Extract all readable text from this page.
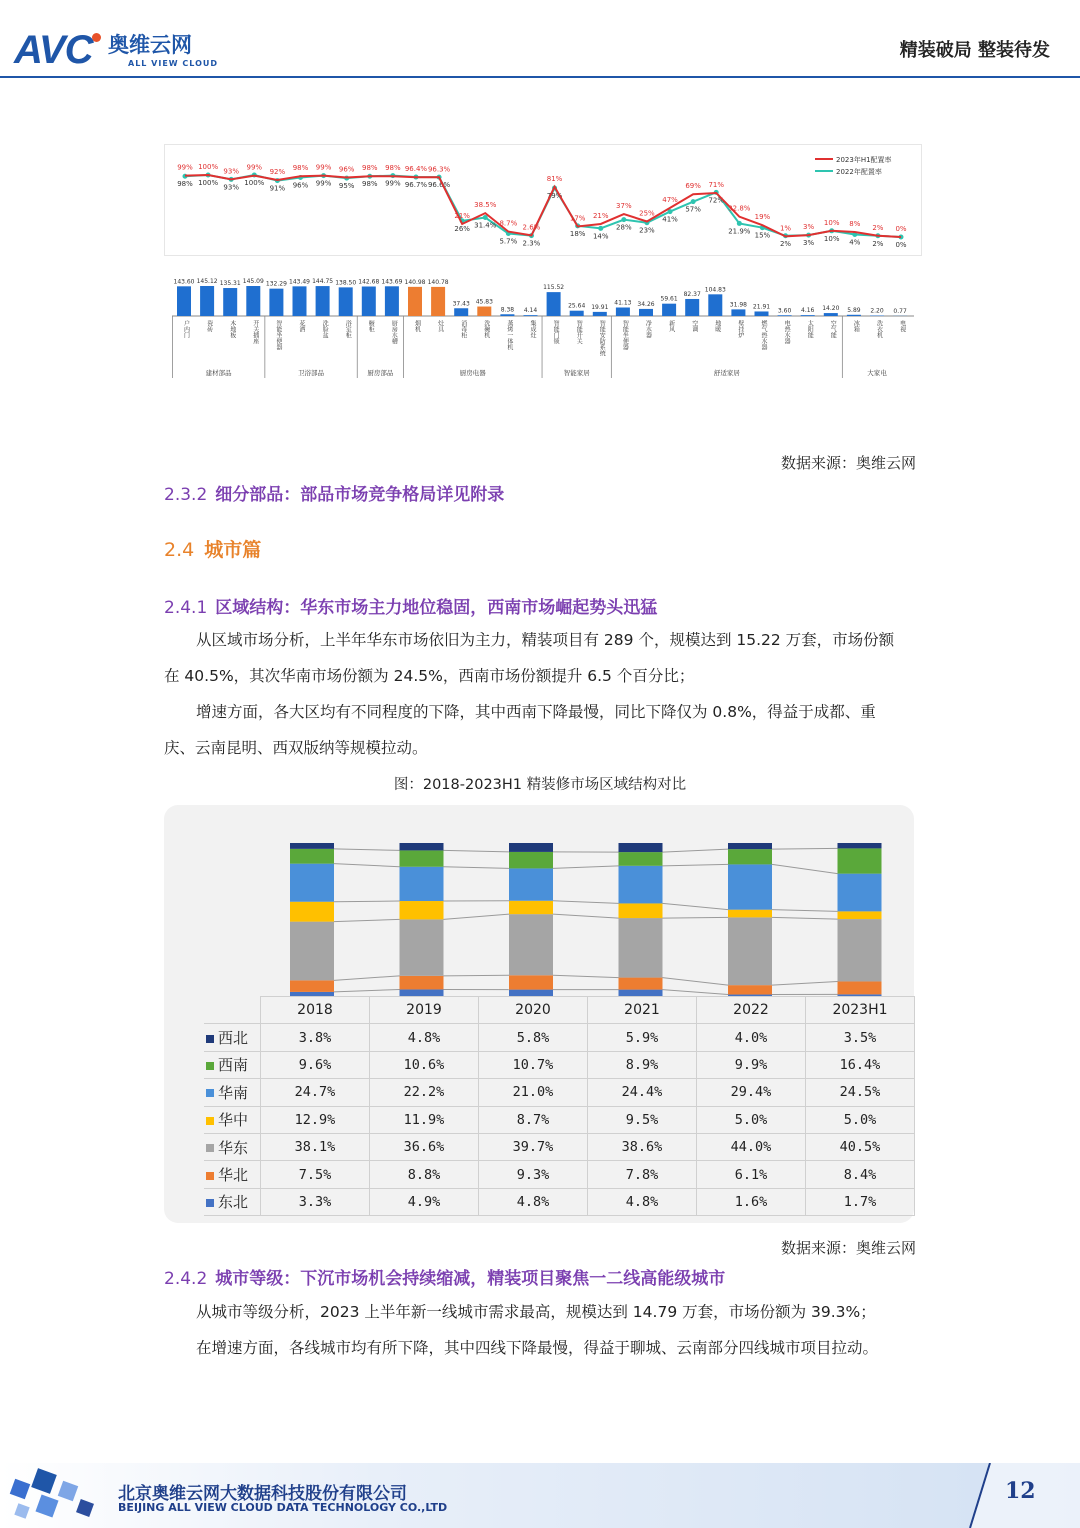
AVC 奥维云网
ALL VIEW CLOUD
精装破局 整装待发
98% 100%
93%
100%
91% 96% 99% 95% 98% 99% 96.7% 96.6%
26% 31.4%
5.7% 2.3%
79%
18% 14%
28% 23%
41%
57%
72%
21.9%
15%
2% 3%
10% 4% 2% 0%
99% 100%
93% 99%
92% 98% 99% 96% 98% 98% 96.4% 96.3%
21%
38.5%
8.7% 2.6%
81%
17% 21%
37%
25%
47%
69% 71%
32.8%
19%
1% 3%
10% 8% 2% 0%
2023年H1配置率
2022年配置率
143.60
户内门
145.12
瓷砖
135.31
木地板
145.09
开关插座
132.29
智能坐便器
143.49
花洒
144.75
洗脸盆
138.50
浴室柜
142.68
橱柜
143.69
厨房水槽
140.98
烟机
140.78
灶具
37.43
消毒柜
45.83
洗碗机
8.38
蒸烤一体机
4.14
集成灶
115.52
智能门锁
25.64
智能开关
19.91
智能安防系统
41.13
智能坐便器
34.26
净水器
59.61
新风
82.37
空调
104.83
地暖
31.98
壁挂炉
21.91
燃气热水器
3.60
电热水器
4.16
太阳能
14.20
空气能
5.89
冰箱
2.20
洗衣机
0.77
电视
建材部品	卫浴部品	厨房部品	厨房电器	智能家居	舒适家居	大家电
数据来源：奥维云网
2.3.2 细分部品：部品市场竞争格局详见附录
2.4 城市篇
2.4.1 区域结构：华东市场主力地位稳固，西南市场崛起势头迅猛
从区域市场分析，上半年华东市场依旧为主力，精装项目有 289 个，规模达到 15.22 万套，市场份额
在 40.5%，其次华南市场份额为 24.5%，西南市场份额提升 6.5 个百分比；
增速方面，各大区均有不同程度的下降，其中西南下降最慢，同比下降仅为 0.8%，得益于成都、重
庆、云南昆明、西双版纳等规模拉动。
图：2018-2023H1 精装修市场区域结构对比
	2018	2019	2020	2021	2022	2023H1
西北	3.8%	4.8%	5.8%	5.9%	4.0%	3.5%
西南	9.6%	10.6%	10.7%	8.9%	9.9%	16.4%
华南	24.7%	22.2%	21.0%	24.4%	29.4%	24.5%
华中	12.9%	11.9%	8.7%	9.5%	5.0%	5.0%
华东	38.1%	36.6%	39.7%	38.6%	44.0%	40.5%
华北	7.5%	8.8%	9.3%	7.8%	6.1%	8.4%
东北	3.3%	4.9%	4.8%	4.8%	1.6%	1.7%
数据来源：奥维云网
2.4.2 城市等级：下沉市场机会持续缩减，精装项目聚焦一二线高能级城市
从城市等级分析，2023 上半年新一线城市需求最高，规模达到 14.79 万套，市场份额为 39.3%；
在增速方面，各线城市均有所下降，其中四线下降最慢，得益于聊城、云南部分四线城市项目拉动。
北京奥维云网大数据科技股份有限公司
BEIJING ALL VIEW CLOUD DATA TECHNOLOGY CO.,LTD
12
